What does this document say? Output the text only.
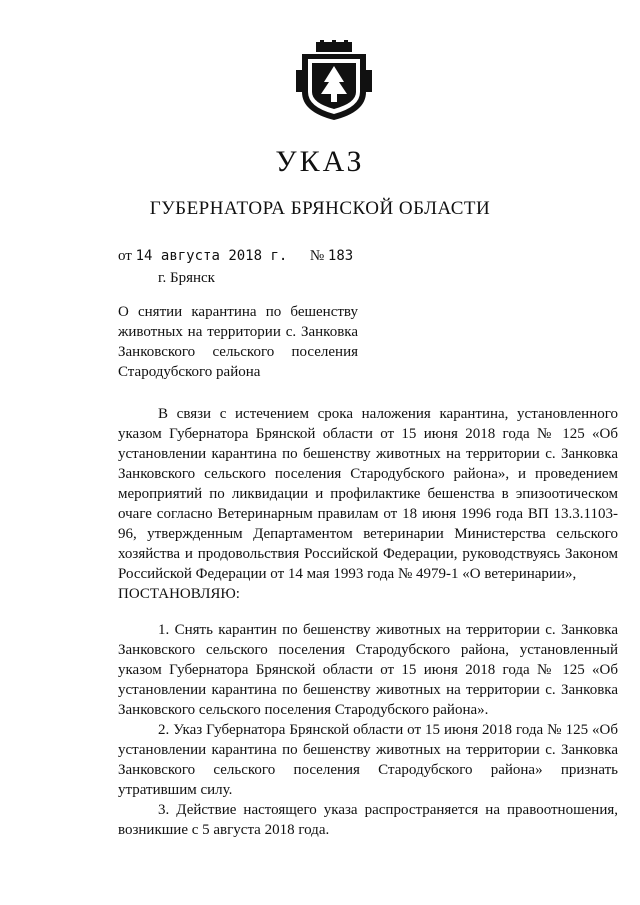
УКАЗ
ГУБЕРНАТОРА БРЯНСКОЙ ОБЛАСТИ
от 14 августа 2018 г. № 183
г. Брянск
О снятии карантина по бешенству
животных на территории с. Занковка
Занковского сельского поселения
Стародубского района
В связи с истечением срока наложения карантина, установленного указом Губернатора Брянской области от 15 июня 2018 года № 125 «Об установлении карантина по бешенству животных на территории с. Занковка Занковского сельского поселения Стародубского района», и проведением мероприятий по ликвидации и профилактике бешенства в эпизоотическом очаге согласно Ветеринарным правилам от 18 июня 1996 года ВП 13.3.1103-96, утвержденным Департаментом ветеринарии Министерства сельского хозяйства и продовольствия Российской Федерации, руководствуясь Законом Российской Федерации от 14 мая 1993 года № 4979-1 «О ветеринарии»,
ПОСТАНОВЛЯЮ:
1. Снять карантин по бешенству животных на территории с. Занковка Занковского сельского поселения Стародубского района, установленный указом Губернатора Брянской области от 15 июня 2018 года № 125 «Об установлении карантина по бешенству животных на территории с. Занковка Занковского сельского поселения Стародубского района».
2. Указ Губернатора Брянской области от 15 июня 2018 года № 125 «Об установлении карантина по бешенству животных на территории с. Занковка Занковского сельского поселения Стародубского района» признать утратившим силу.
3. Действие настоящего указа распространяется на правоотношения, возникшие с 5 августа 2018 года.
